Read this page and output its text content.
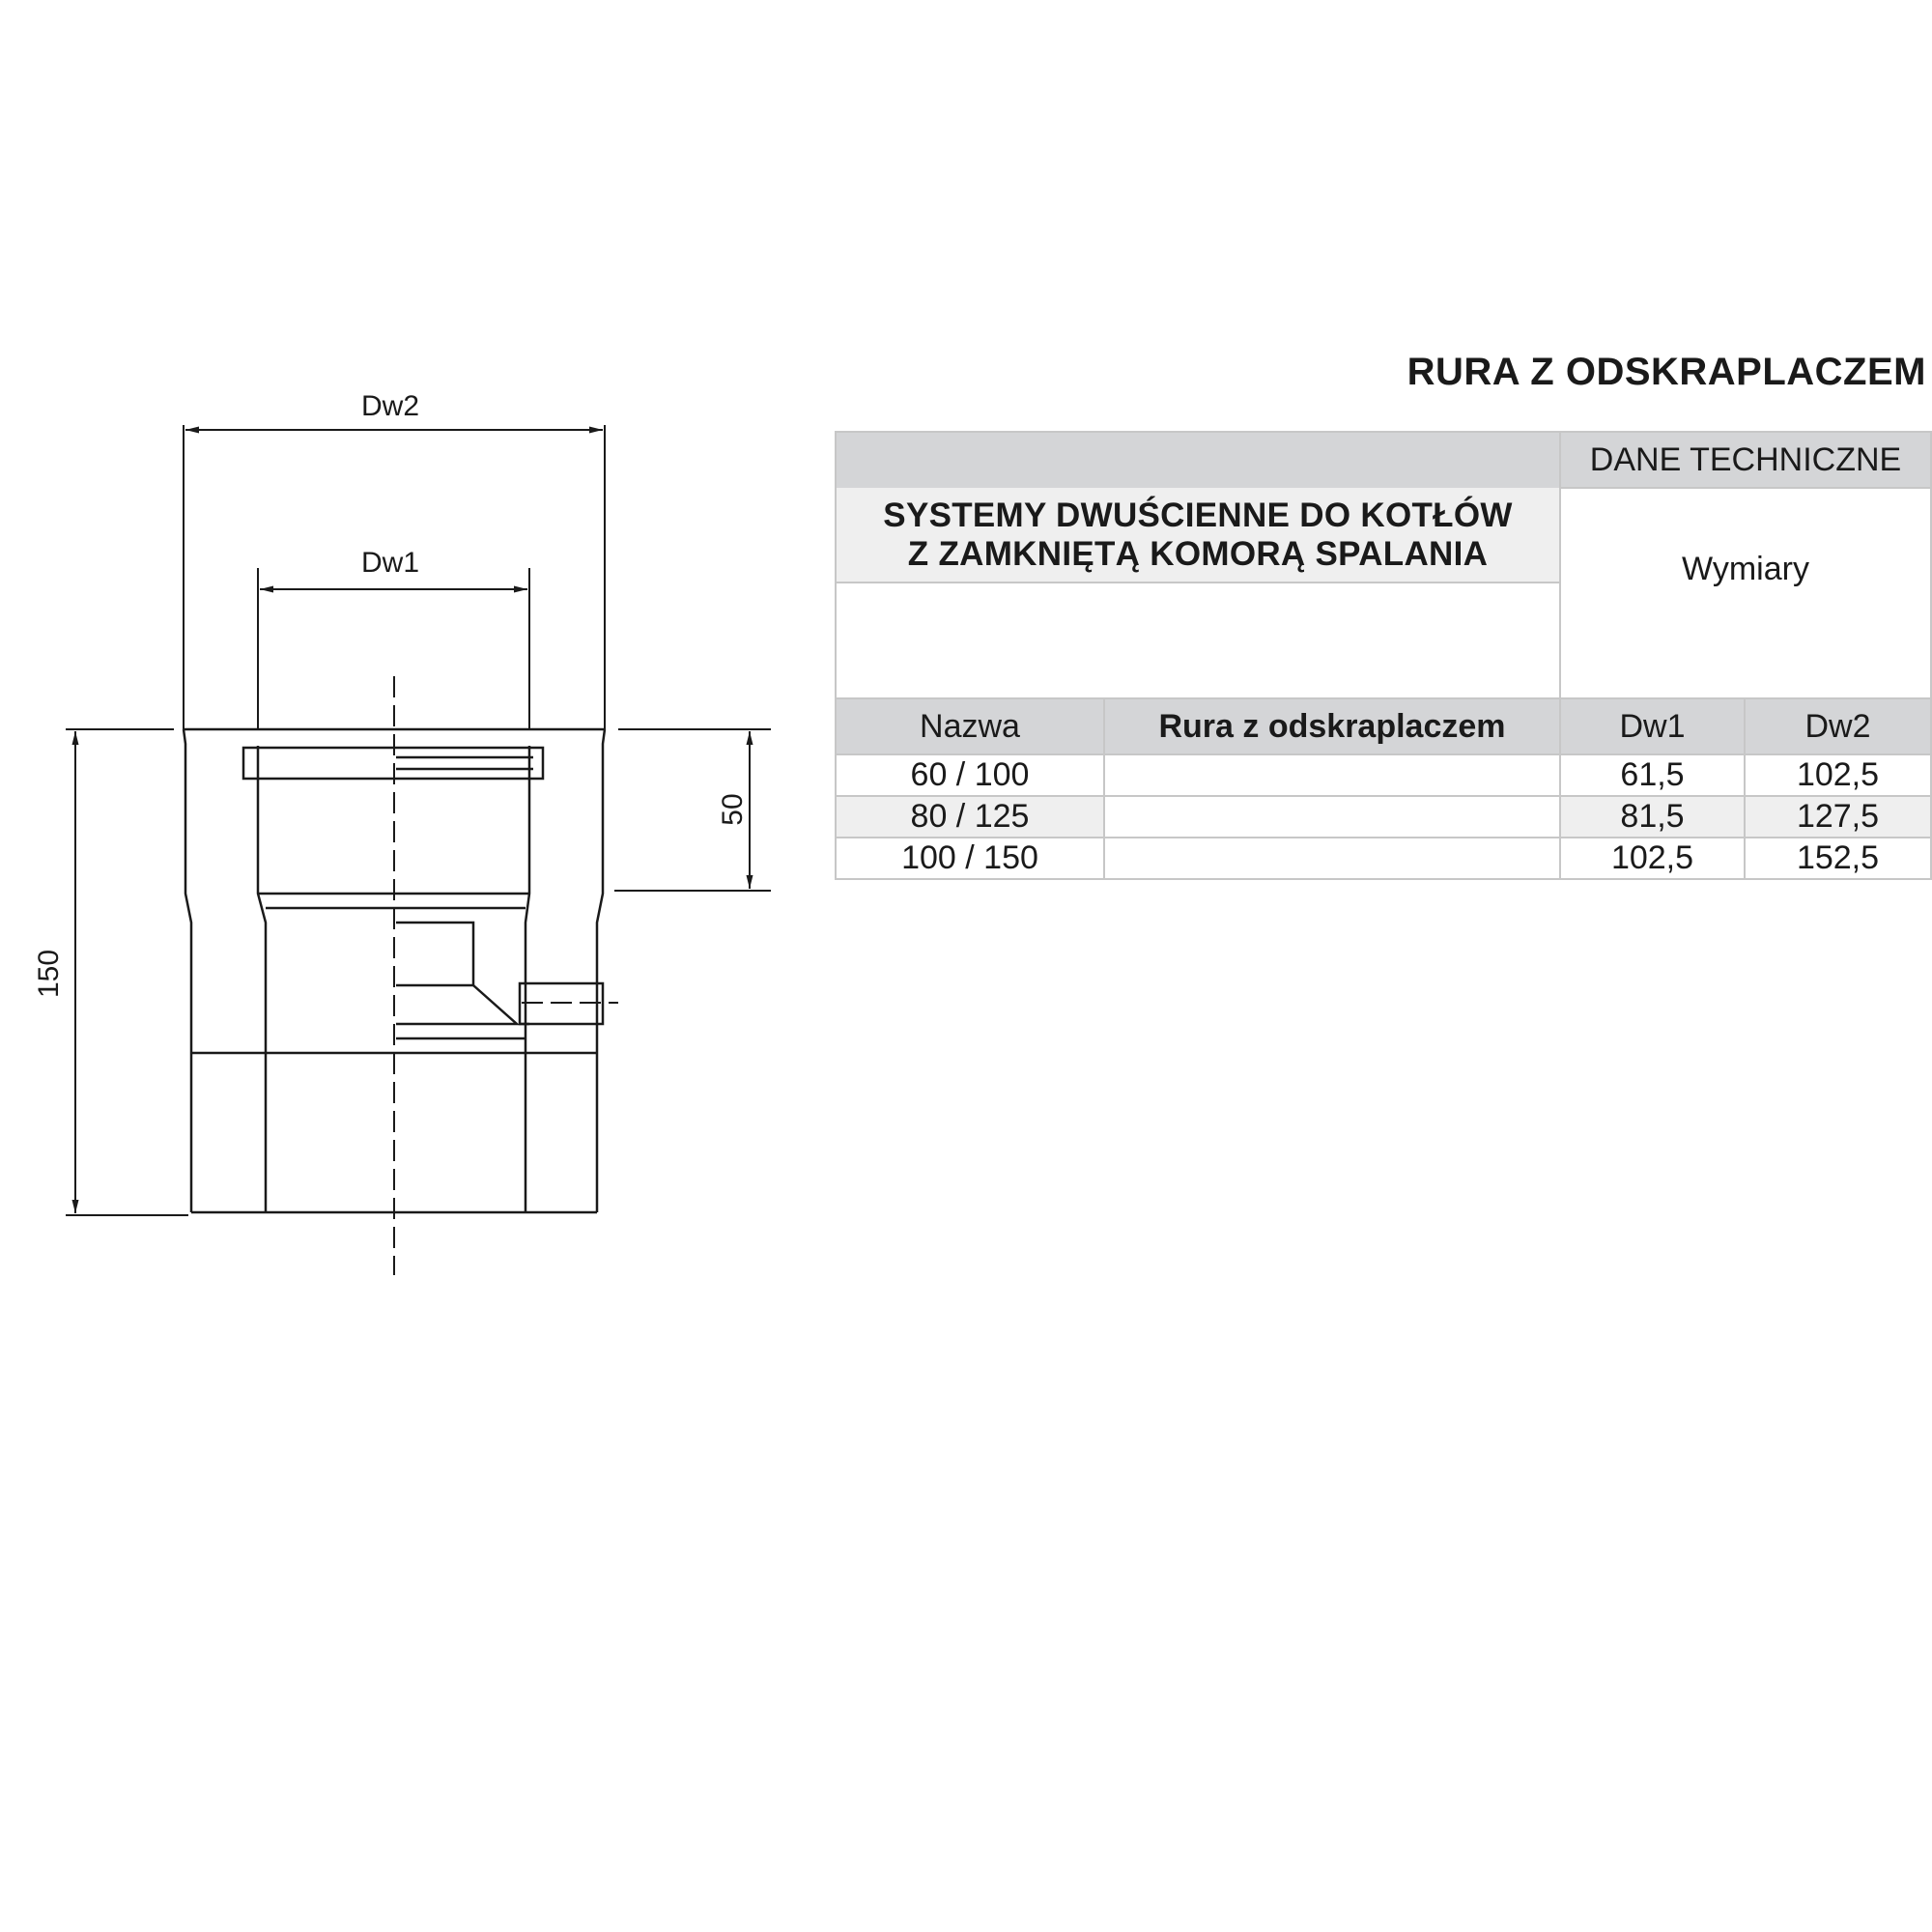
Dw2
Dw1
150
50
RURA Z ODSKRAPLACZEM
		DANE TECHNICZNE	

SYSTEMY DWUŚCIENNE DO KOTŁÓW
Z ZAMKNIĘTĄ KOMORĄ SPALANIA		Wymiary	

Nazwa	Rura z odskraplaczem	Dw1	Dw2
60 / 100		61,5	102,5
80 / 125		81,5	127,5
100 / 150		102,5	152,5
